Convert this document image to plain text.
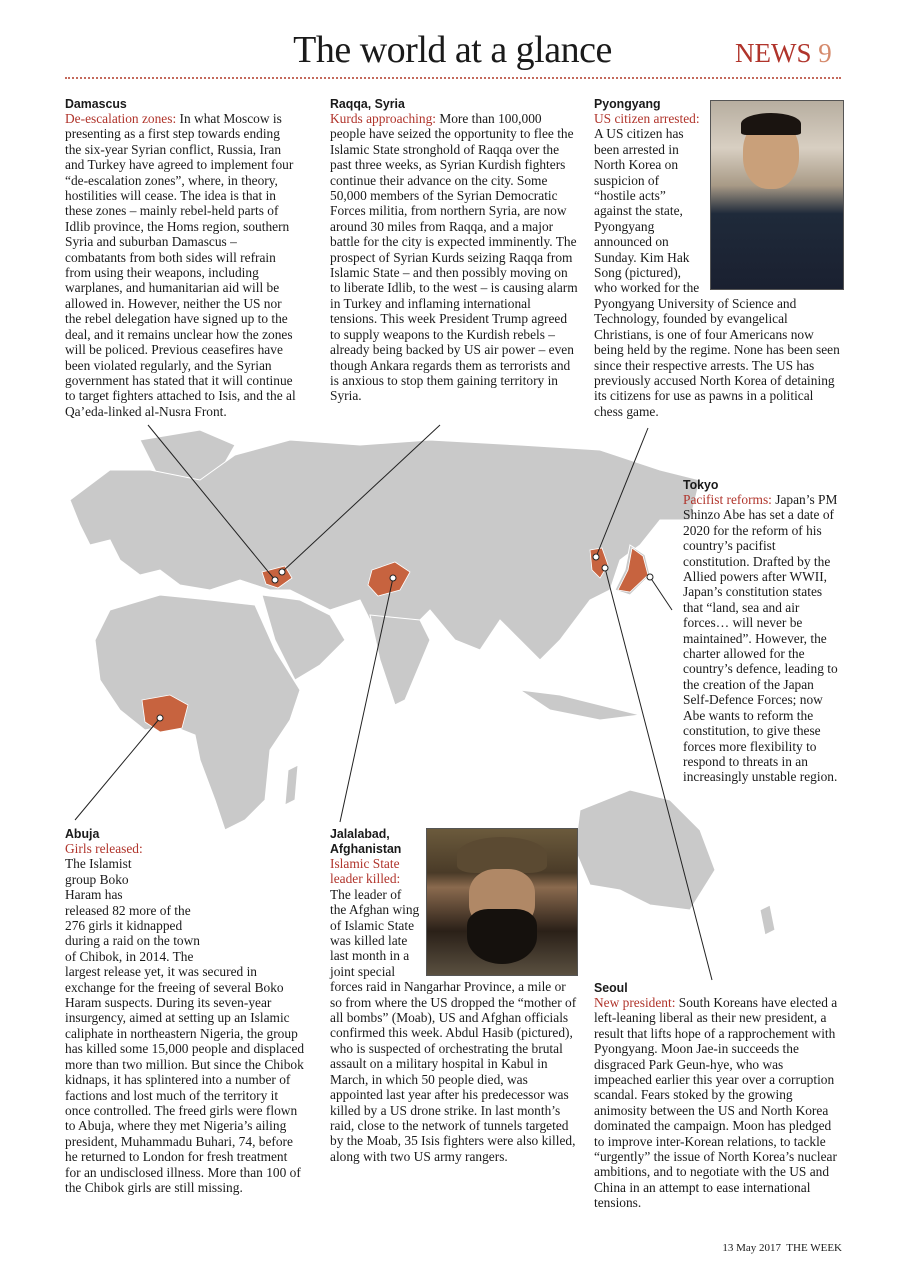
The world at a glance	NEWS 9
Damascus

De-escalation zones: In what Moscow is presenting as a first step towards ending the six-year Syrian conflict, Russia, Iran and Turkey have agreed to implement four “de-escalation zones”, where, in theory, hostilities will cease. The idea is that in these zones – mainly rebel-held parts of Idlib province, the Homs region, southern Syria and suburban Damascus – combatants from both sides will refrain from using their weapons, including warplanes, and humanitarian aid will be allowed in. However, neither the US nor the rebel delegation have signed up to the deal, and it remains unclear how the zones will be policed. Previous ceasefires have been violated regularly, and the Syrian government has stated that it will continue to target fighters attached to Isis, and the al Qa’eda-linked al-Nusra Front.

Raqqa, Syria

Kurds approaching: More than 100,000 people have seized the opportunity to flee the Islamic State stronghold of Raqqa over the past three weeks, as Syrian Kurdish fighters continue their advance on the city. Some 50,000 members of the Syrian Democratic Forces militia, from northern Syria, are now around 30 miles from Raqqa, and a major battle for the city is expected imminently. The prospect of Syrian Kurds seizing Raqqa from Islamic State – and then possibly moving on to liberate Idlib, to the west – is causing alarm in Turkey and inflaming international tensions. This week President Trump agreed to supply weapons to the Kurdish rebels – already being backed by US air power – even though Ankara regards them as terrorists and is anxious to stop them gaining territory in Syria.

Pyongyang

US citizen arrested: A US citizen has been arrested in North Korea on suspicion of “hostile acts” against the state, Pyongyang announced on Sunday. Kim Hak Song (pictured), who worked for the Pyongyang University of Science and Technology, founded by evangelical Christians, is one of four Americans now being held by the regime. None has been seen since their respective arrests. The US has previously accused North Korea of detaining its citizens for use as pawns in a political chess game.

Tokyo

Pacifist reforms: Japan’s PM Shinzo Abe has set a date of 2020 for the reform of his country’s pacifist constitution. Drafted by the Allied powers after WWII, Japan’s constitution states that “land, sea and air forces… will never be maintained”. However, the charter allowed for the country’s defence, leading to the creation of the Japan Self-Defence Forces; now Abe wants to reform the constitution, to give these forces more flexibility to respond to threats in an increasingly unstable region.

Abuja

Girls released: The Islamist group Boko Haram has released 82 more of the 276 girls it kidnapped during a raid on the town of Chibok, in 2014. The largest release yet, it was secured in exchange for the freeing of several Boko Haram suspects. During its seven-year insurgency, aimed at setting up an Islamic caliphate in northeastern Nigeria, the group has killed some 15,000 people and displaced more than two million. But since the Chibok kidnaps, it has splintered into a number of factions and lost much of the territory it once controlled. The freed girls were flown to Abuja, where they met Nigeria’s ailing president, Muhammadu Buhari, 74, before he returned to London for fresh treatment for an undisclosed illness. More than 100 of the Chibok girls are still missing.

Jalalabad, Afghanistan

Islamic State leader killed: The leader of the Afghan wing of Islamic State was killed late last month in a joint special forces raid in Nangarhar Province, a mile or so from where the US dropped the “mother of all bombs” (Moab), US and Afghan officials confirmed this week. Abdul Hasib (pictured), who is suspected of orchestrating the brutal assault on a military hospital in Kabul in March, in which 50 people died, was appointed last year after his predecessor was killed by a US drone strike. In last month’s raid, close to the network of tunnels targeted by the Moab, 35 Isis fighters were also killed, along with two US army rangers.

Seoul

New president: South Koreans have elected a left-leaning liberal as their new president, a result that lifts hope of a rapprochement with Pyongyang. Moon Jae-in succeeds the disgraced Park Geun-hye, who was impeached earlier this year over a corruption scandal. Fears stoked by the growing animosity between the US and North Korea dominated the campaign. Moon has pledged to improve inter-Korean relations, to tackle “urgently” the issue of North Korea’s nuclear ambitions, and to negotiate with the US and China in an attempt to ease international tensions.

13 May 2017 THE WEEK
